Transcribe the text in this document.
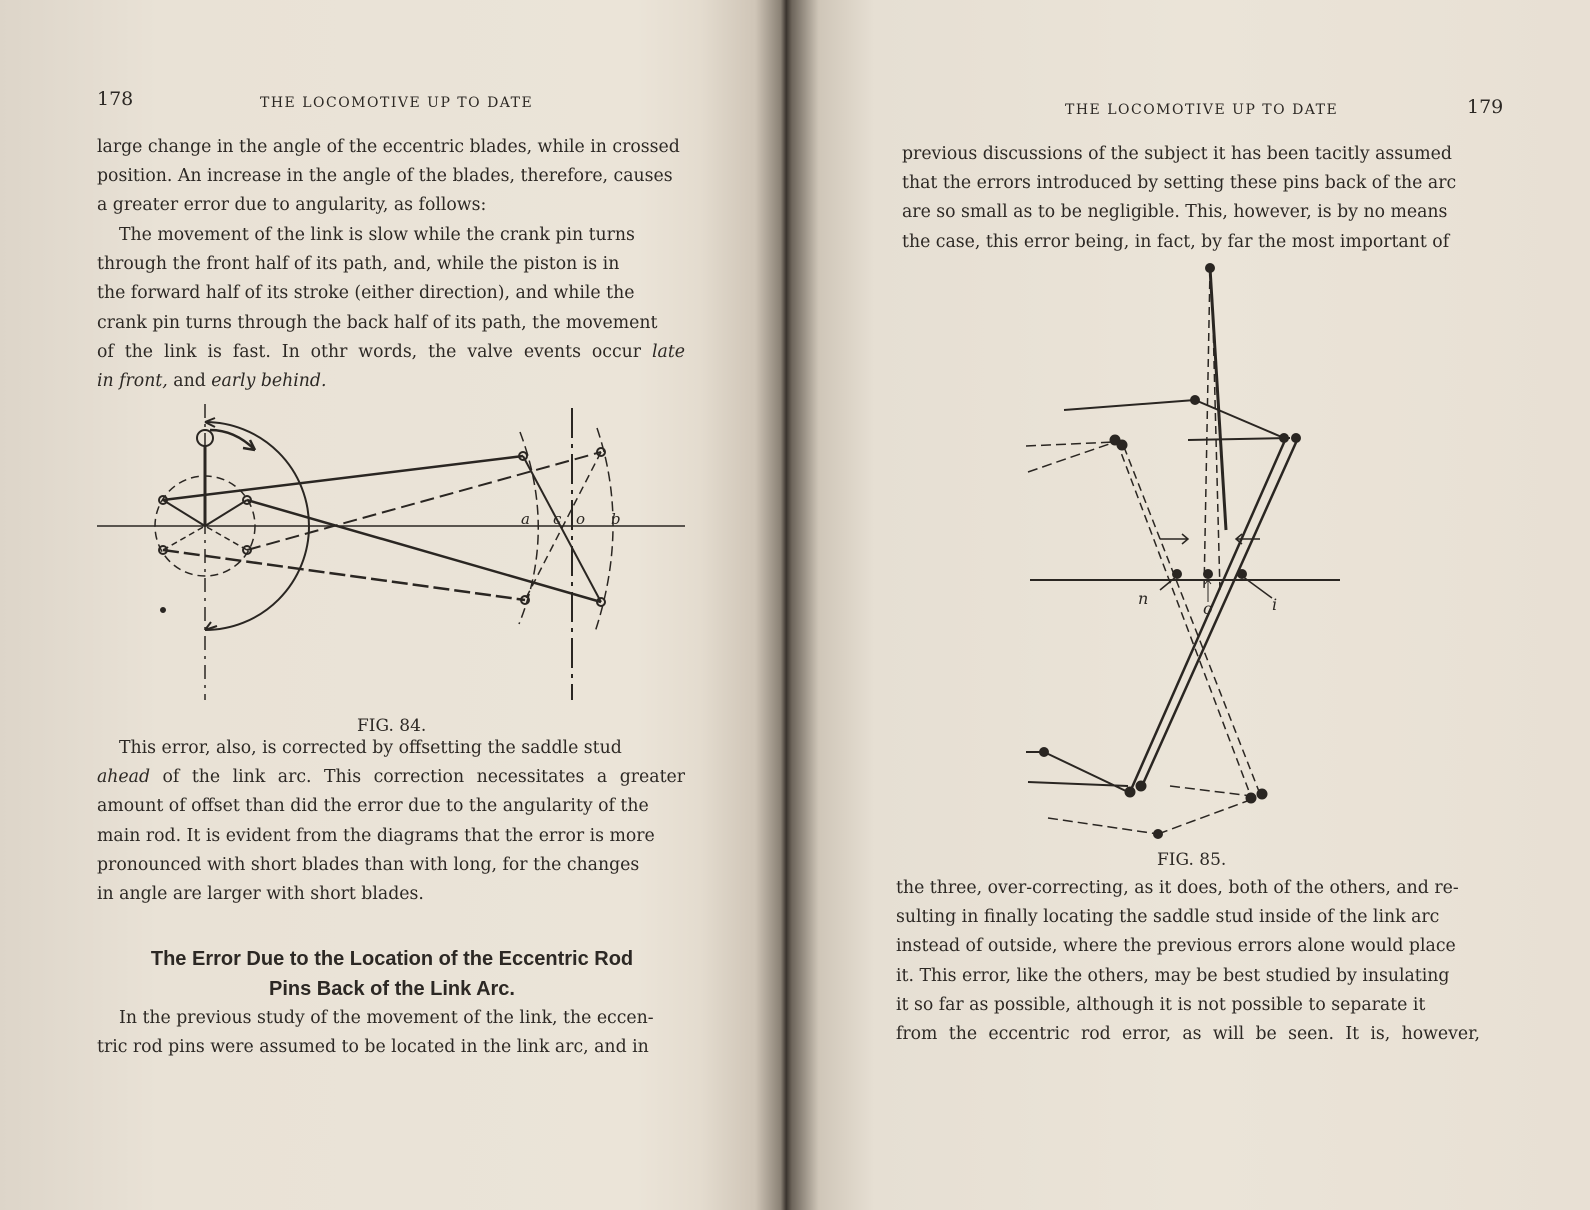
178	THE LOCOMOTIVE UP TO DATE

large change in the angle of the eccentric blades, while in crossed
position. An increase in the angle of the blades, therefore, causes
a greater error due to angularity, as follows:

The movement of the link is slow while the crank pin turns
through the front half of its path, and, while the piston is in
the forward half of its stroke (either direction), and while the
crank pin turns through the back half of its path, the movement
of the link is fast. In othr words, the valve events occur late
in front, and early behind.

a c o b
FIG. 84.

This error, also, is corrected by offsetting the saddle stud
ahead of the link arc. This correction necessitates a greater
amount of offset than did the error due to the angularity of the
main rod. It is evident from the diagrams that the error is more
pronounced with short blades than with long, for the changes
in angle are larger with short blades.

The Error Due to the Location of the Eccentric Rod
Pins Back of the Link Arc.

In the previous study of the movement of the link, the eccen-
tric rod pins were assumed to be located in the link arc, and in

THE LOCOMOTIVE UP TO DATE	179

previous discussions of the subject it has been tacitly assumed
that the errors introduced by setting these pins back of the arc
are so small as to be negligible. This, however, is by no means
the case, this error being, in fact, by far the most important of

n
o	i
FIG. 85.

the three, over-correcting, as it does, both of the others, and re-
sulting in finally locating the saddle stud inside of the link arc
instead of outside, where the previous errors alone would place
it. This error, like the others, may be best studied by insulating
it so far as possible, although it is not possible to separate it
from the eccentric rod error, as will be seen. It is, however,
